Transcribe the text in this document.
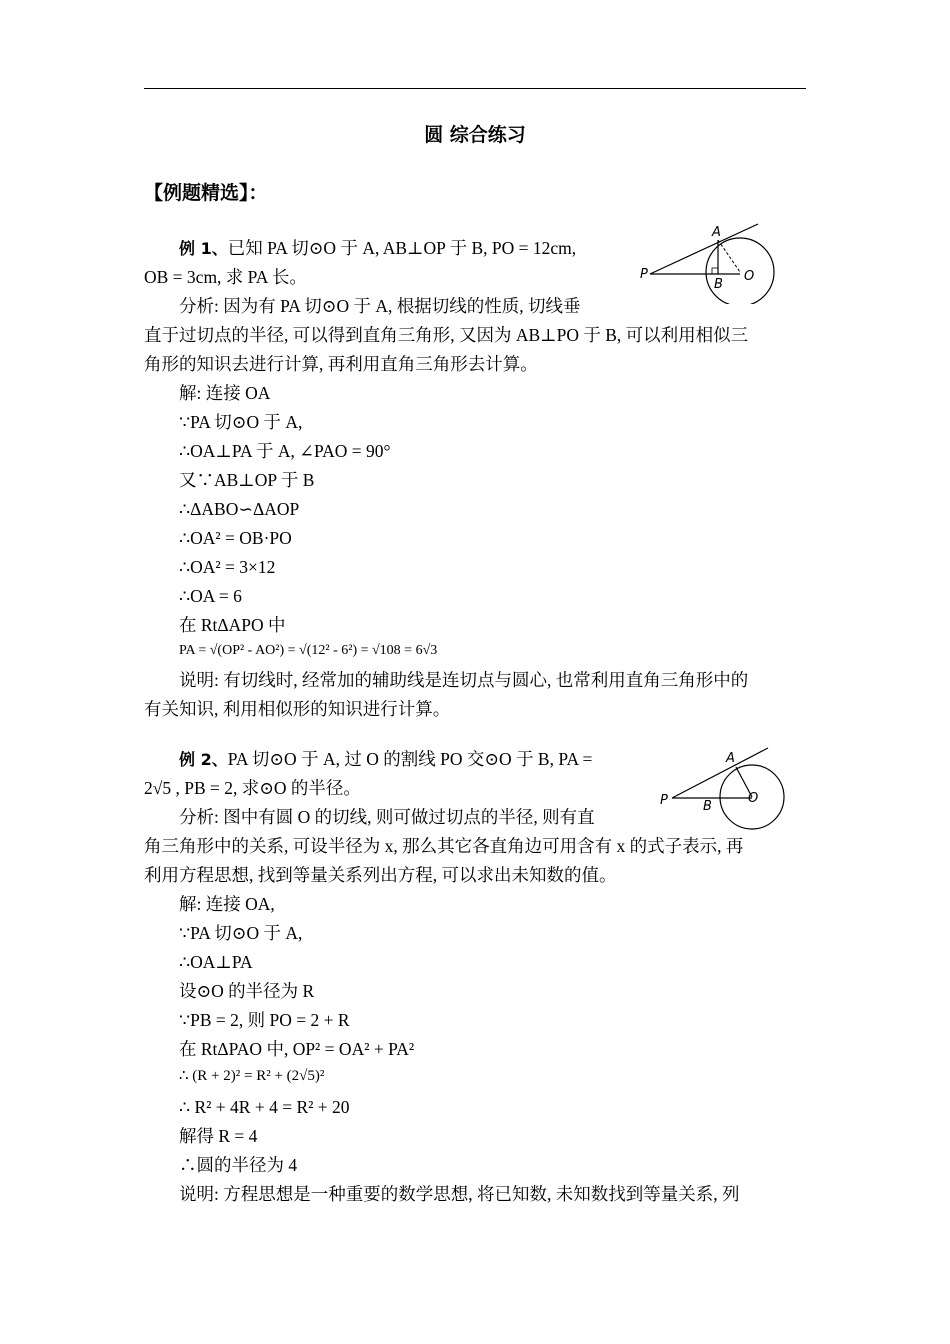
圆 综合练习
【例题精选】：
例 1、已知 PA 切⊙O 于 A, AB⊥OP 于 B, PO = 12cm,
OB = 3cm, 求 PA 长。
分析: 因为有 PA 切⊙O 于 A, 根据切线的性质, 切线垂
直于过切点的半径, 可以得到直角三角形, 又因为 AB⊥PO 于 B, 可以利用相似三
角形的知识去进行计算, 再利用直角三角形去计算。
解: 连接 OA
∵PA 切⊙O 于 A,
∴OA⊥PA 于 A, ∠PAO = 90°
又∵AB⊥OP 于 B
∴ΔABO∽ΔAOP
∴OA² = OB·PO
∴OA² = 3×12
∴OA = 6
在 RtΔAPO 中
PA = √(OP² - AO²) = √(12² - 6²) = √108 = 6√3
说明: 有切线时, 经常加的辅助线是连切点与圆心, 也常利用直角三角形中的
有关知识, 利用相似形的知识进行计算。
A
P
B
O
例 2、PA 切⊙O 于 A, 过 O 的割线 PO 交⊙O 于 B, PA =
2√5 , PB = 2, 求⊙O 的半径。
分析: 图中有圆 O 的切线, 则可做过切点的半径, 则有直
角三角形中的关系, 可设半径为 x, 那么其它各直角边可用含有 x 的式子表示, 再
利用方程思想, 找到等量关系列出方程, 可以求出未知数的值。
解: 连接 OA,
∵PA 切⊙O 于 A,
∴OA⊥PA
设⊙O 的半径为 R
∵PB = 2, 则 PO = 2 + R
在 RtΔPAO 中, OP² = OA² + PA²
∴ (R + 2)² = R² + (2√5)²
∴ R² + 4R + 4 = R² + 20
解得 R = 4
∴圆的半径为 4
说明: 方程思想是一种重要的数学思想, 将已知数, 未知数找到等量关系, 列
A
P	B
O
